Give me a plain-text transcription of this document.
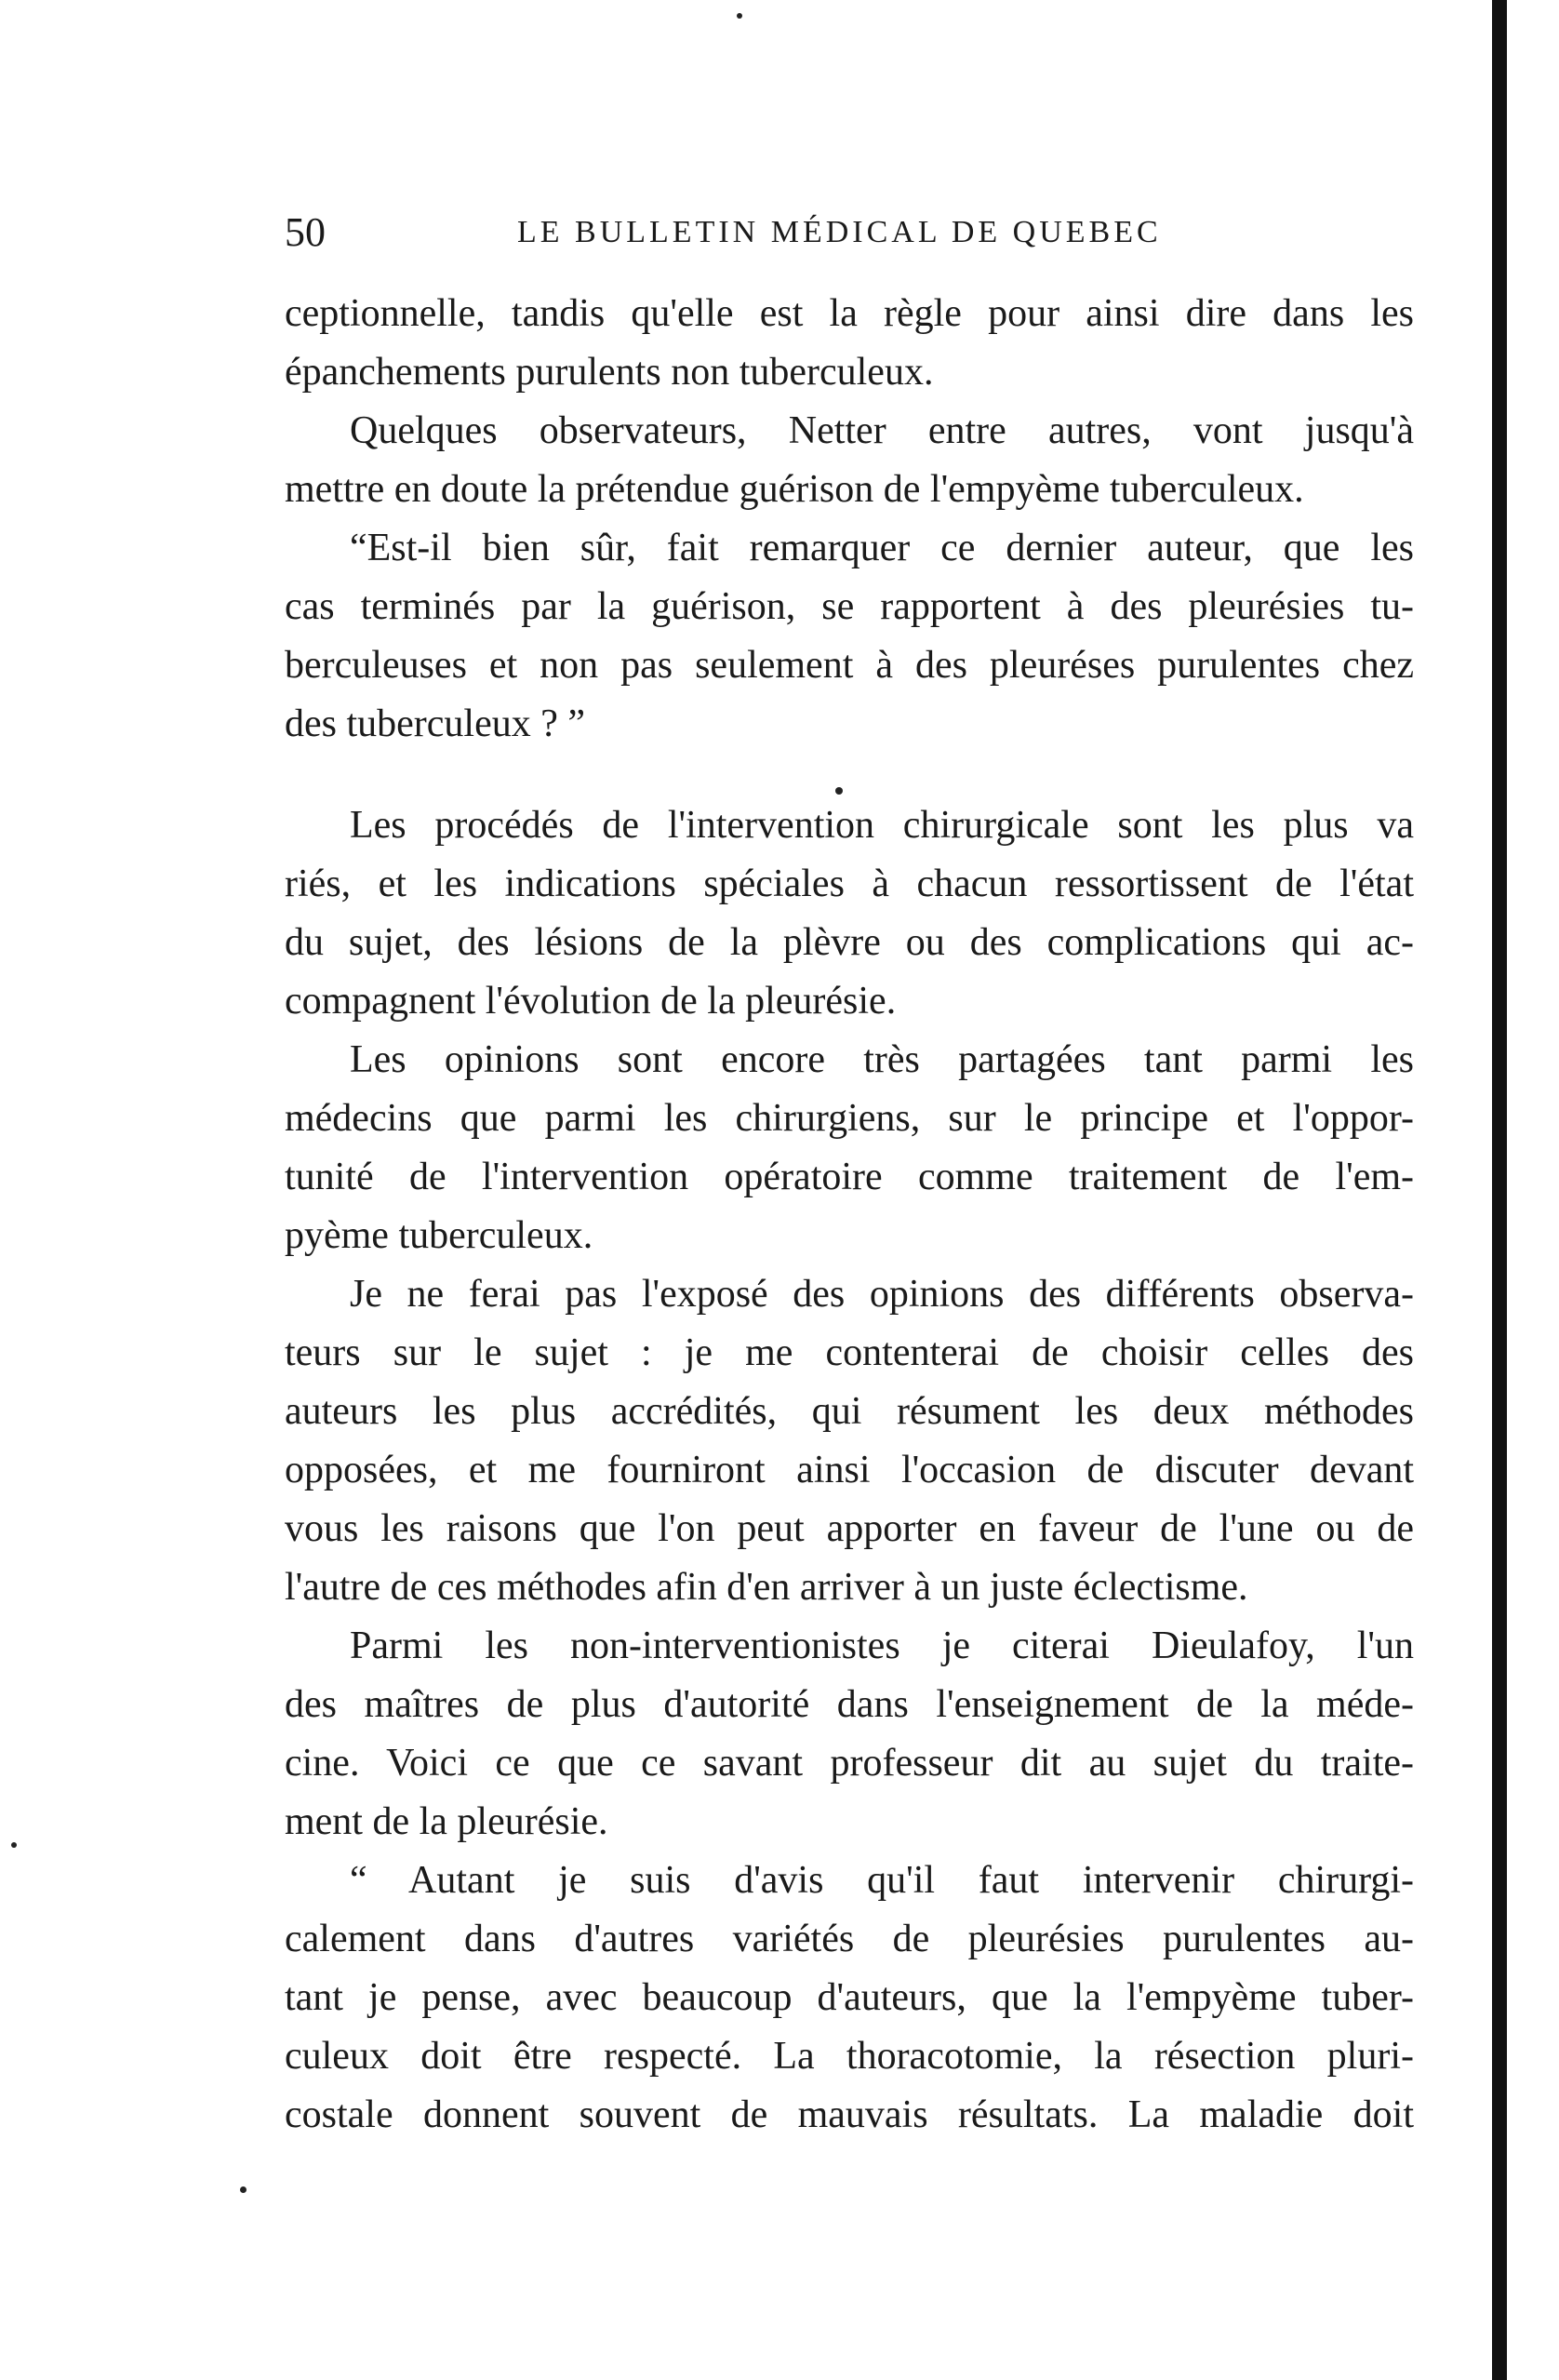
50	LE BULLETIN MÉDICAL DE QUEBEC
ceptionnelle, tandis qu'elle est la règle pour ainsi dire dans les
épanchements purulents non tuberculeux.
Quelques observateurs, Netter entre autres, vont jusqu'à
mettre en doute la prétendue guérison de l'empyème tuberculeux.
“Est-il bien sûr, fait remarquer ce dernier auteur, que les
cas terminés par la guérison, se rapportent à des pleurésies tu-
berculeuses et non pas seulement à des pleuréses purulentes chez
des tuberculeux ? ”
Les procédés de l'intervention chirurgicale sont les plus va
riés, et les indications spéciales à chacun ressortissent de l'état
du sujet, des lésions de la plèvre ou des complications qui ac-
compagnent l'évolution de la pleurésie.
Les opinions sont encore très partagées tant parmi les
médecins que parmi les chirurgiens, sur le principe et l'oppor-
tunité de l'intervention opératoire comme traitement de l'em-
pyème tuberculeux.
Je ne ferai pas l'exposé des opinions des différents observa-
teurs sur le sujet : je me contenterai de choisir celles des
auteurs les plus accrédités, qui résument les deux méthodes
opposées, et me fourniront ainsi l'occasion de discuter devant
vous les raisons que l'on peut apporter en faveur de l'une ou de
l'autre de ces méthodes afin d'en arriver à un juste éclectisme.
Parmi les non-interventionistes je citerai Dieulafoy, l'un
des maîtres de plus d'autorité dans l'enseignement de la méde-
cine. Voici ce que ce savant professeur dit au sujet du traite-
ment de la pleurésie.
“ Autant je suis d'avis qu'il faut intervenir chirurgi-
calement dans d'autres variétés de pleurésies purulentes au-
tant je pense, avec beaucoup d'auteurs, que la l'empyème tuber-
culeux doit être respecté. La thoracotomie, la résection pluri-
costale donnent souvent de mauvais résultats. La maladie doit
